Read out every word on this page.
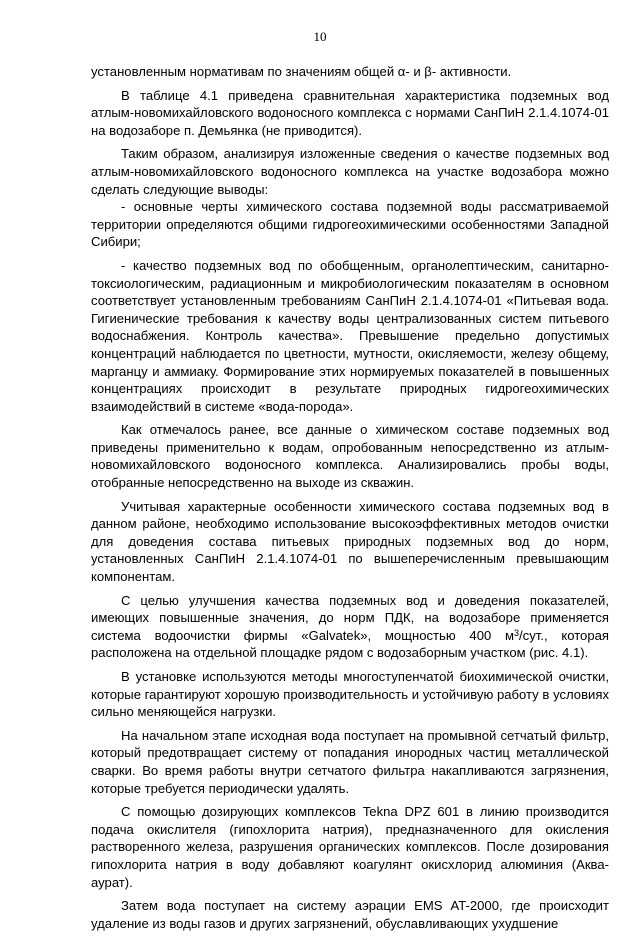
10

установленным нормативам по значениям общей α- и β- активности.

В таблице 4.1 приведена сравнительная характеристика подземных вод атлым-новомихайловского водоносного комплекса с нормами СанПиН 2.1.4.1074-01 на водозаборе п. Демьянка (не приводится).

Таким образом, анализируя изложенные сведения о качестве подземных вод атлым-новомихайловского водоносного комплекса на участке водозабора можно сделать следующие выводы:

- основные черты химического состава подземной воды рассматриваемой территории определяются общими гидрогеохимическими особенностями Западной Сибири;

- качество подземных вод по обобщенным, органолептическим, санитарно-токсиологическим, радиационным и микробиологическим показателям в основном соответствует установленным требованиям СанПиН 2.1.4.1074-01 «Питьевая вода. Гигиенические требования к качеству воды централизованных систем питьевого водоснабжения. Контроль качества». Превышение предельно допустимых концентраций наблюдается по цветности, мутности, окисляемости, железу общему, марганцу и аммиаку. Формирование этих нормируемых показателей в повышенных концентрациях происходит в результате природных гидрогеохимических взаимодействий в системе «вода-порода».

Как отмечалось ранее, все данные о химическом составе подземных вод приведены применительно к водам, опробованным непосредственно из атлым-новомихайловского водоносного комплекса. Анализировались пробы воды, отобранные непосредственно на выходе из скважин.

Учитывая характерные особенности химического состава подземных вод в данном районе, необходимо использование высокоэффективных методов очистки для доведения состава питьевых природных подземных вод до норм, установленных СанПиН 2.1.4.1074-01 по вышеперечисленным превышающим компонентам.

С целью улучшения качества подземных вод и доведения показателей, имеющих повышенные значения, до норм ПДК, на водозаборе применяется система водоочистки фирмы «Galvatek», мощностью 400 $м^3$/сут., которая расположена на отдельной площадке рядом с водозаборным участком (рис. 4.1).

В установке используются методы многоступенчатой биохимической очистки, которые гарантируют хорошую производительность и устойчивую работу в условиях сильно меняющейся нагрузки.

На начальном этапе исходная вода поступает на промывной сетчатый фильтр, который предотвращает систему от попадания инородных частиц металлической сварки. Во время работы внутри сетчатого фильтра накапливаются загрязнения, которые требуется периодически удалять.

С помощью дозирующих комплексов Tekna DPZ 601 в линию производится подача окислителя (гипохлорита натрия), предназначенного для окисления растворенного железа, разрушения органических комплексов. После дозирования гипохлорита натрия в воду добавляют коагулянт окисхлорид алюминия (Аква-аурат).

Затем вода поступает на систему аэрации EMS AT-2000, где происходит удаление из воды газов и других загрязнений, обуславливающих ухудшение
